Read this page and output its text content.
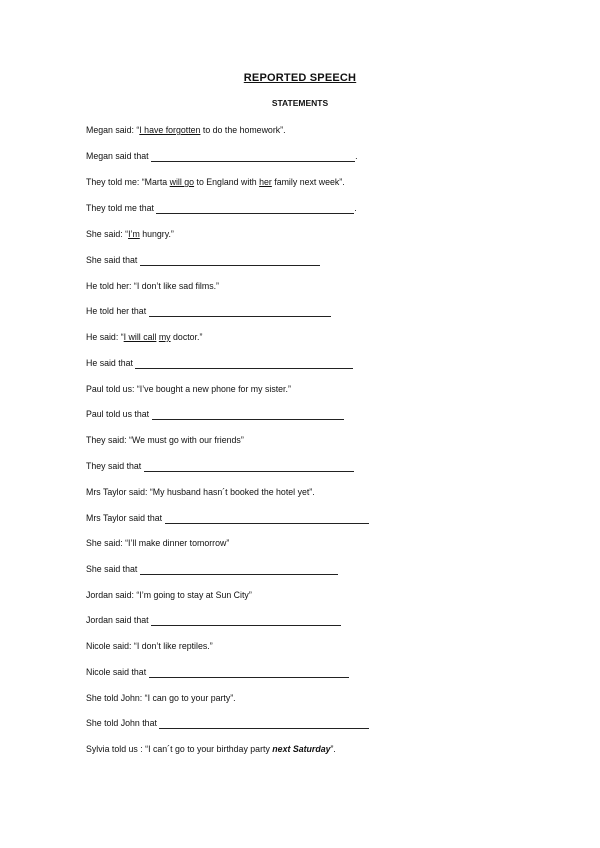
REPORTED SPEECH
STATEMENTS
Megan said: “I have forgotten to do the homework”.
Megan said that	.
They told me: “Marta will go to England with her family next week”.
They told me that	.
She said: “I’m hungry.”
She said that
He told her: “I don’t like sad films.”
He told her that
He said: “I will call my doctor.”
He said that
Paul told us: “I’ve bought a new phone for my sister.”
Paul told us that
They said: “We must go with our friends”
They said that
Mrs Taylor said: “My husband hasn´t booked the hotel yet”.
Mrs Taylor said that
She said: “I’ll make dinner tomorrow”
She said that
Jordan said: “I’m going to stay at Sun City”
Jordan said that
Nicole said: “I don’t like reptiles.”
Nicole said that
She told John: “I can go to your party”.
She told John that
Sylvia told us : “I can´t go to your birthday party next Saturday”.
